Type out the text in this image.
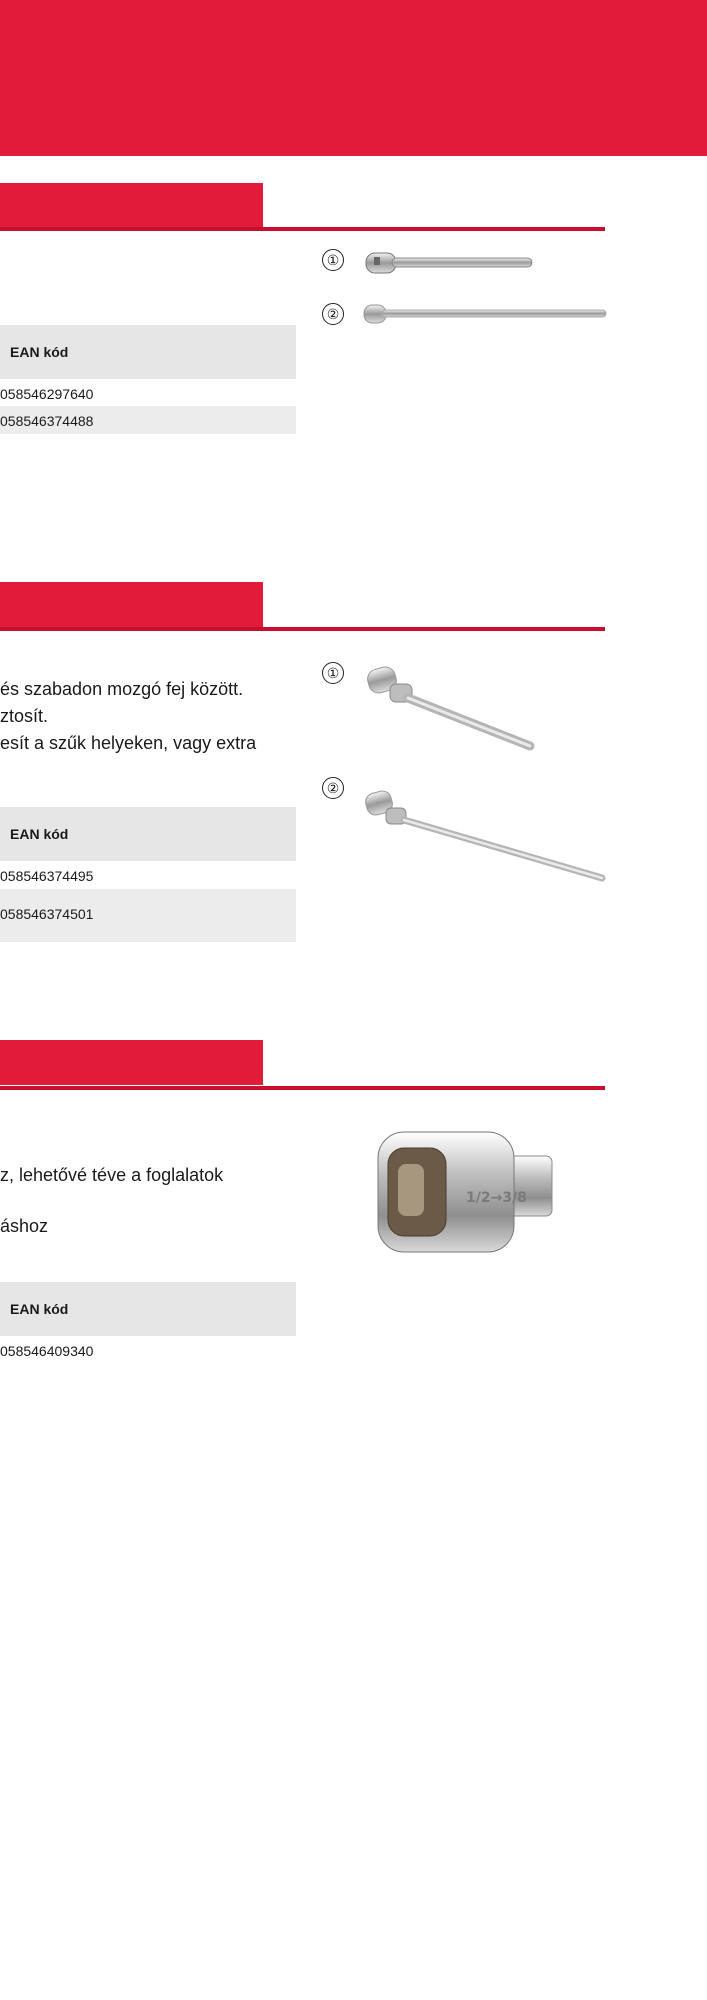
EAN kód
058546297640
058546374488
①
②
és szabadon mozgó fej között.
ztosít.
esít a szűk helyeken, vagy extra
EAN kód
058546374495
058546374501
①
②
z, lehetővé téve a foglalatok
áshoz
EAN kód
058546409340
1/2→3/8
